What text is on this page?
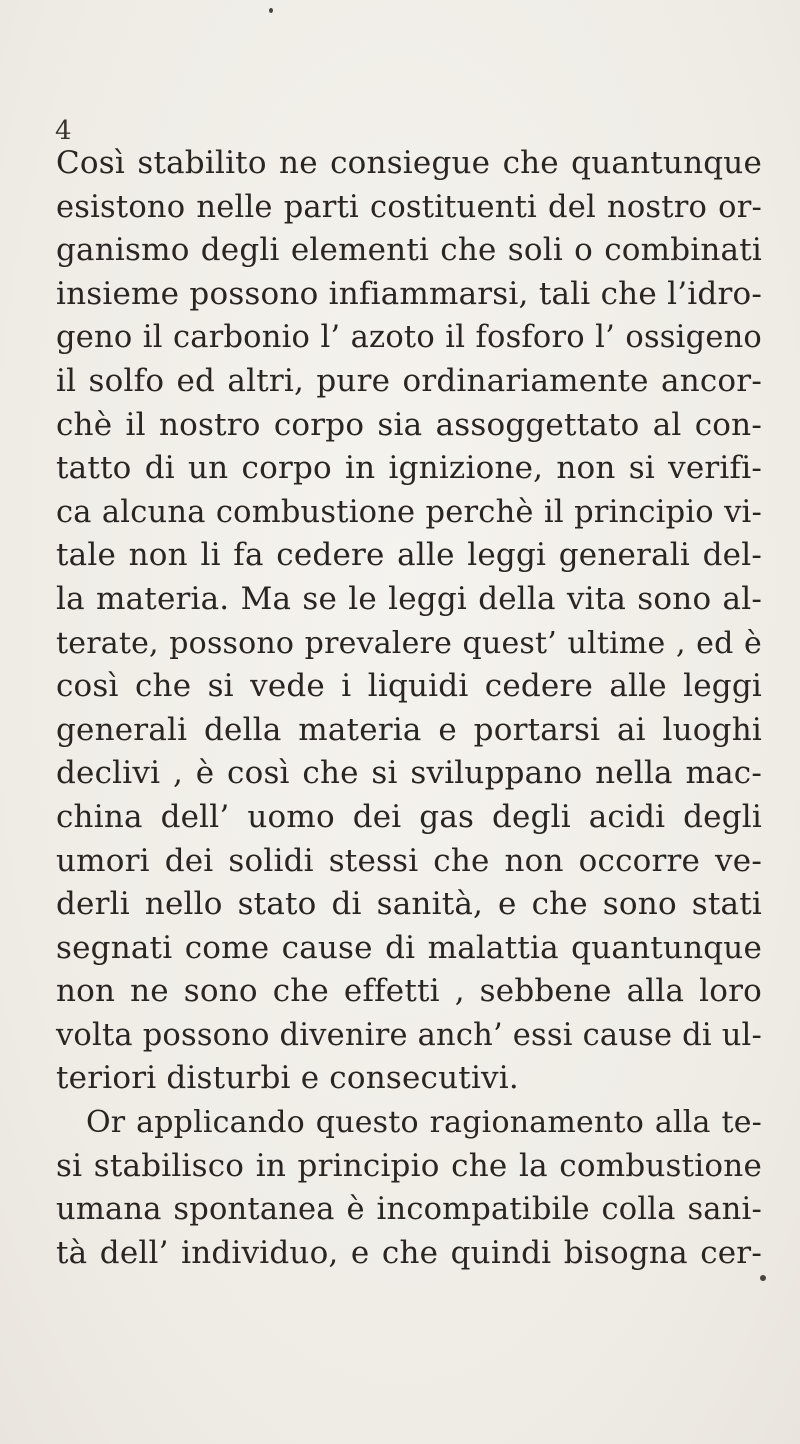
4
Così stabilito ne consiegue che quantunque
esistono nelle parti costituenti del nostro or-
ganismo degli elementi che soli o combinati
insieme possono infiammarsi, tali che l’idro-
geno il carbonio l’ azoto il fosforo l’ ossigeno
il solfo ed altri, pure ordinariamente ancor-
chè il nostro corpo sia assoggettato al con-
tatto di un corpo in ignizione, non si verifi-
ca alcuna combustione perchè il principio vi-
tale non li fa cedere alle leggi generali del-
la materia. Ma se le leggi della vita sono al-
terate, possono prevalere quest’ ultime , ed è
così che si vede i liquidi cedere alle leggi
generali della materia e portarsi ai luoghi
declivi , è così che si sviluppano nella mac-
china dell’ uomo dei gas degli acidi degli
umori dei solidi stessi che non occorre ve-
derli nello stato di sanità, e che sono stati
segnati come cause di malattia quantunque
non ne sono che effetti , sebbene alla loro
volta possono divenire anch’ essi cause di ul-
teriori disturbi e consecutivi.
Or applicando questo ragionamento alla te-
si stabilisco in principio che la combustione
umana spontanea è incompatibile colla sani-
tà dell’ individuo, e che quindi bisogna cer-
